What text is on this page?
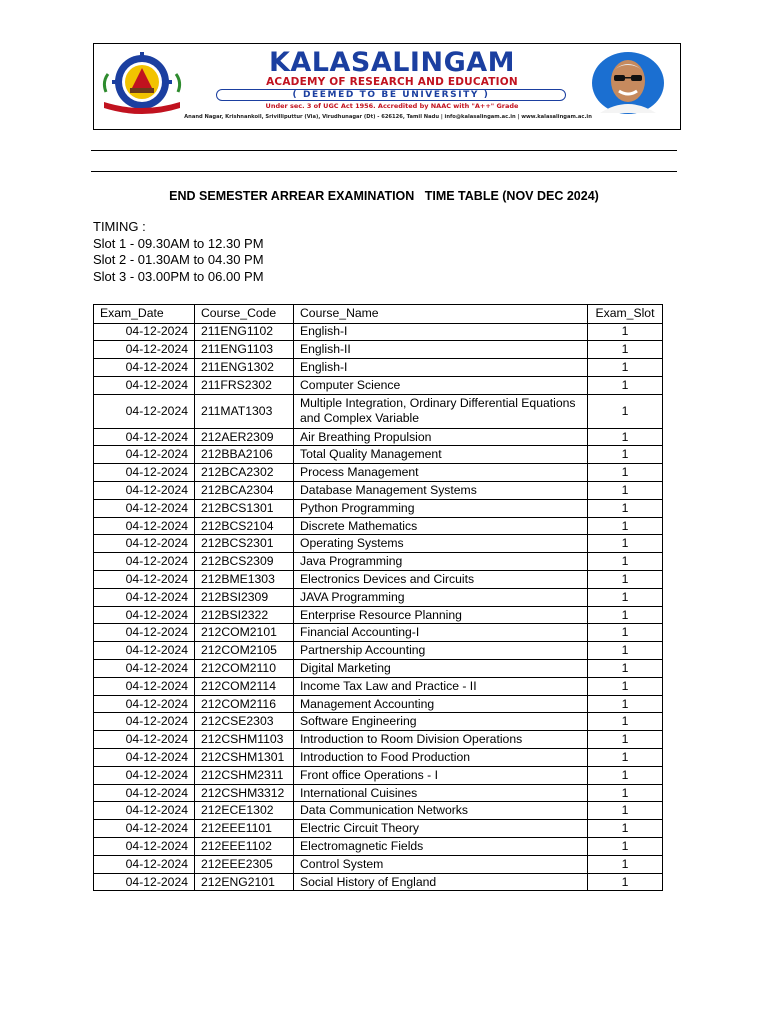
KALASALINGAM
ACADEMY OF RESEARCH AND EDUCATION
( DEEMED TO BE UNIVERSITY )
Under sec. 3 of UGC Act 1956. Accredited by NAAC with "A++" Grade
Anand Nagar, Krishnankoil, Srivilliputtur (Via), Virudhunagar (Dt) - 626126, Tamil Nadu | info@kalasalingam.ac.in | www.kalasalingam.ac.in
END SEMESTER ARREAR EXAMINATION   TIME TABLE (NOV DEC 2024)
TIMING :
Slot 1 - 09.30AM to 12.30 PM
Slot 2 - 01.30AM to 04.30 PM
Slot 3 - 03.00PM to 06.00 PM
Exam_Date	Course_Code	Course_Name	Exam_Slot
04-12-2024	211ENG1102	English-I	1
04-12-2024	211ENG1103	English-II	1
04-12-2024	211ENG1302	English-I	1
04-12-2024	211FRS2302	Computer Science	1
04-12-2024	211MAT1303	Multiple Integration, Ordinary Differential Equations and Complex Variable	1
04-12-2024	212AER2309	Air Breathing Propulsion	1
04-12-2024	212BBA2106	Total Quality Management	1
04-12-2024	212BCA2302	Process Management	1
04-12-2024	212BCA2304	Database Management Systems	1
04-12-2024	212BCS1301	Python Programming	1
04-12-2024	212BCS2104	Discrete Mathematics	1
04-12-2024	212BCS2301	Operating Systems	1
04-12-2024	212BCS2309	Java Programming	1
04-12-2024	212BME1303	Electronics Devices and Circuits	1
04-12-2024	212BSI2309	JAVA Programming	1
04-12-2024	212BSI2322	Enterprise Resource Planning	1
04-12-2024	212COM2101	Financial Accounting-I	1
04-12-2024	212COM2105	Partnership Accounting	1
04-12-2024	212COM2110	Digital Marketing	1
04-12-2024	212COM2114	Income Tax Law and Practice - II	1
04-12-2024	212COM2116	Management Accounting	1
04-12-2024	212CSE2303	Software Engineering	1
04-12-2024	212CSHM1103	Introduction to Room Division Operations	1
04-12-2024	212CSHM1301	Introduction to Food Production	1
04-12-2024	212CSHM2311	Front office Operations - I	1
04-12-2024	212CSHM3312	International Cuisines	1
04-12-2024	212ECE1302	Data Communication Networks	1
04-12-2024	212EEE1101	Electric Circuit Theory	1
04-12-2024	212EEE1102	Electromagnetic Fields	1
04-12-2024	212EEE2305	Control System	1
04-12-2024	212ENG2101	Social History of England	1
